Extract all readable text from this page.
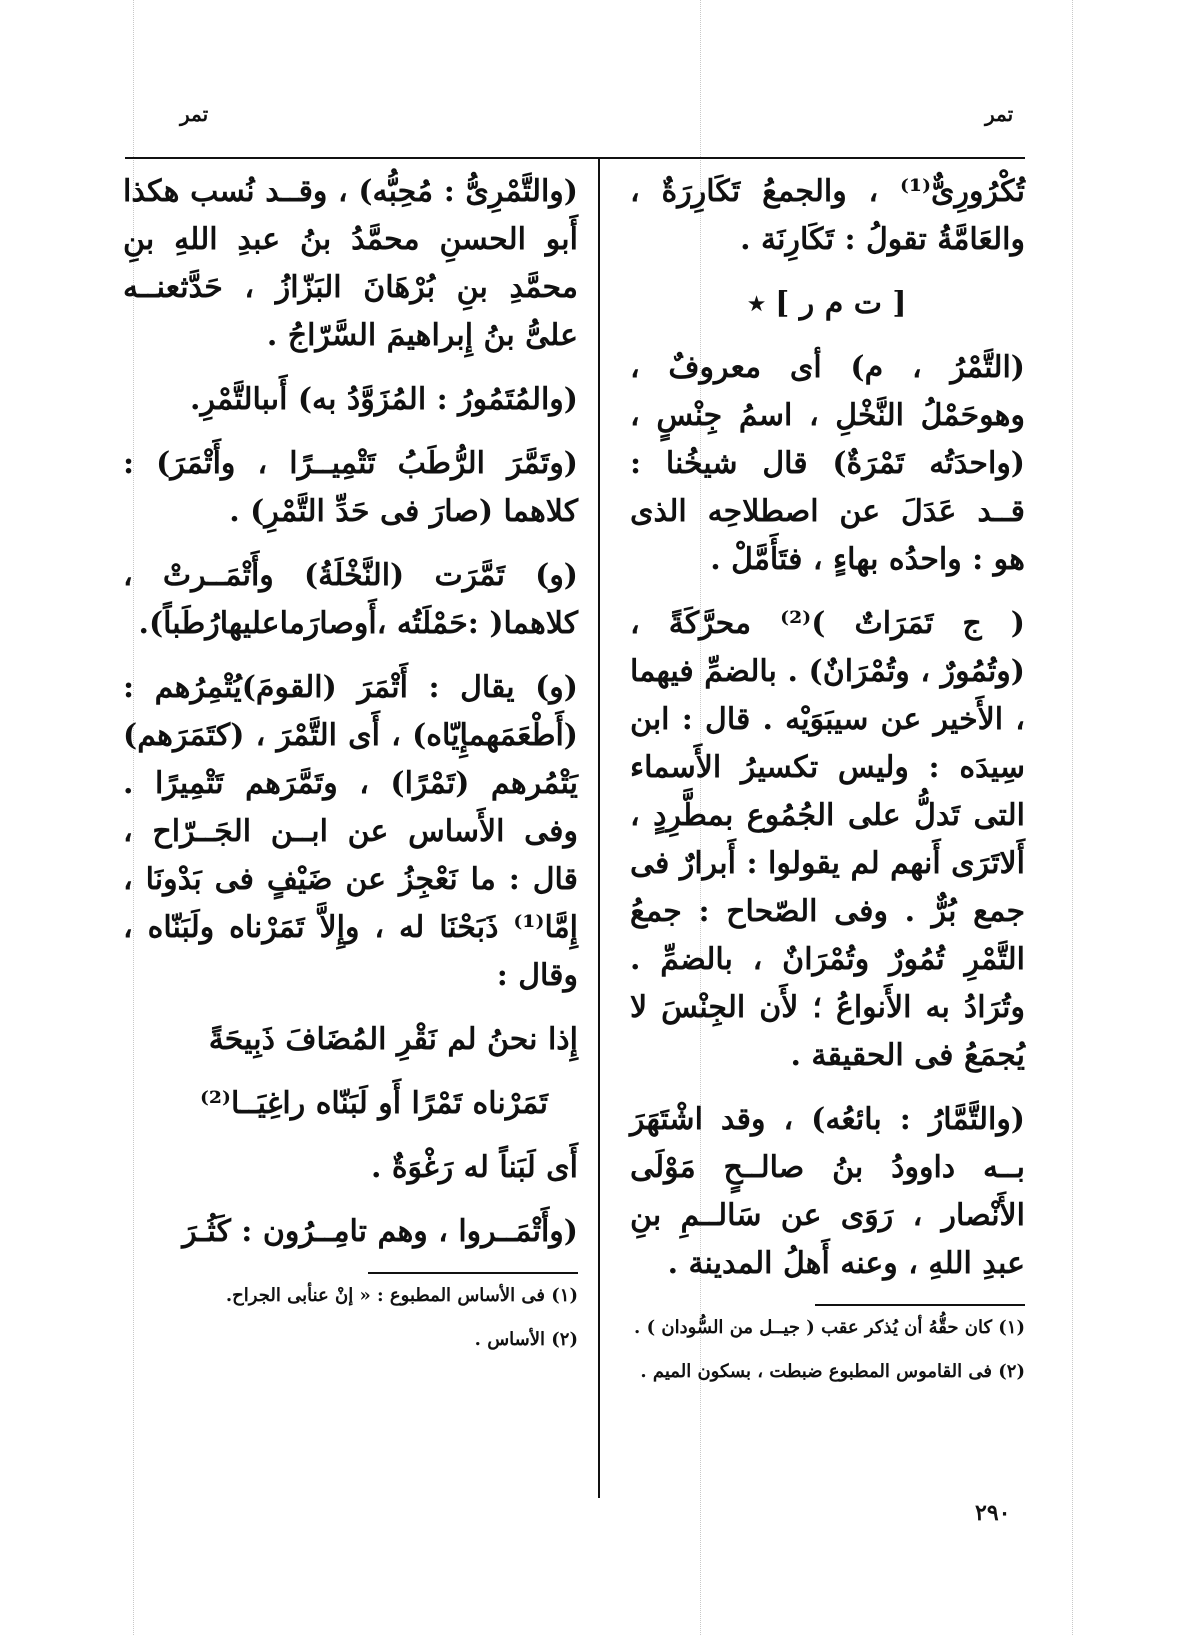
تمر	تمر

تُكْرُورِىٌّ⁽¹⁾ ، والجمعُ تَكَارِرَةٌ ، والعَامَّةُ تقولُ : تَكَارِنَة .

[ ت م ر ] ٭

(التَّمْرُ ، م) أى معروفٌ ، وهوحَمْلُ النَّخْلِ ، اسمُ جِنْسٍ ، (واحدَتُه تَمْرَةٌ) قال شيخُنا : قــد عَدَلَ عن اصطلاحِه الذى هو : واحدُه بهاءٍ ، فتَأَمَّلْ .

( ج تَمَرَاتٌ )⁽²⁾ محرَّكَةً ، (وتُمُورٌ ، وتُمْرَانٌ) . بالضمِّ فيهما ، الأَخير عن سيبَوَيْه . قال : ابن سِيدَه : وليس تكسيرُ الأَسماء التى تَدلُّ على الجُمُوع بمطَّرِدٍ ، أَلاتَرَى أَنهم لم يقولوا : أَبرارٌ فى جمع بُرٌّ . وفى الصّحاح : جمعُ التَّمْرِ تُمُورٌ وتُمْرَانٌ ، بالضمِّ . وتُرَادُ به الأَنواعُ ؛ لأَن الجِنْسَ لا يُجمَعُ فى الحقيقة .

(والتَّمَّارُ : بائعُه) ، وقد اشْتَهَرَ بــه داوودُ بنُ صالــحٍ مَوْلَى الأَنْصار ، رَوَى عن سَالــمِ بنِ عبدِ اللهِ ، وعنه أَهلُ المدينة .

(١) كان حقُّهُ أن يُذكر عقب ( جيــل من السُّودان ) .

(٢) فى القاموس المطبوع ضبطت ، بسكون الميم .

(والتَّمْرِىُّ : مُحِبُّه) ، وقــد نُسب هكذا أَبو الحسنِ محمَّدُ بنُ عبدِ اللهِ بنِ محمَّدِ بنِ بُرْهَانَ البَزّازُ ، حَدَّثعنــه علىُّ بنُ إِبراهيمَ السَّرّاجُ .

(والمُتَمُورُ : المُزَوَّدُ به) أَىبالتَّمْرِ.

(وتَمَّرَ الرُّطَبُ تَتْمِيــرًا ، وأَتْمَرَ) : كلاهما (صارَ فى حَدِّ التَّمْرِ) .

(و) تَمَّرَت (النَّخْلَةُ) وأَتْمَــرتْ ، كلاهما( :حَمْلَتُه ،أَوصارَماعليهارُطَباً).

(و) يقال : أَتْمَرَ (القومَ)يُتْمِرُهم : (أَطْعَمَهمإِيّاه) ، أَى التَّمْرَ ، (كتَمَرَهم) يَتْمُرهم (تَمْرًا) ، وتَمَّرَهم تَتْمِيرًا . وفى الأَساس عن ابــن الجَــرّاح ، قال : ما نَعْجِزُ عن ضَيْفٍ فى بَدْونَا ، إِمَّا⁽¹⁾ ذَبَحْنَا له ، وإِلاَّ تَمَرْناه ولَبَنّاه ، وقال :

إِذا نحنُ لم نَقْرِ المُضَافَ ذَبِيحَةً

تَمَرْناه تَمْرًا أَو لَبَنّاه راغِيَــا⁽²⁾

أَى لَبَناً له رَغْوَةٌ .

(وأَتْمَــروا ، وهم تامِــرُون : كَثُـرَ

(١) فى الأساس المطبوع : « إنْ عنأبى الجراح.

(٢) الأساس .

٢٩٠
